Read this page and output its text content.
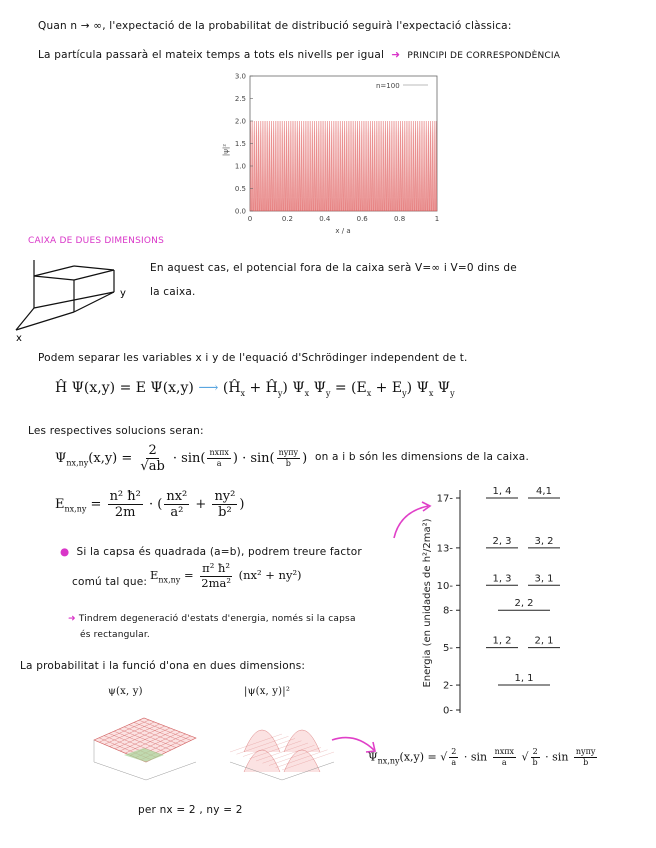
Quan n → ∞, l'expectació de la probabilitat de distribució seguirà l'expectació clàssica:
La partícula passarà el mateix temps a tots els nivells per igual  ➜  PRINCIPI DE CORRESPONDÈNCIA
0.0
0.5
1.0
1.5
2.0
2.5
3.0
0	0.2	0.4	0.6	0.8	1
n=100
|ψ|²
x / a
CAIXA DE DUES DIMENSIONS
y
x
En aquest cas, el potencial fora de la caixa serà V=∞ i V=0 dins de
la caixa.
Podem separar les variables x i y de l'equació d'Schrödinger independent de t.
Ĥ Ψ(x,y) = E Ψ(x,y) ⟶ ($Ĥ_x$ + $Ĥ_y$) $\Psi_x$ $\Psi_y = (E_x + E_y)$ $\Psi_x$ $\Psi_y$
Les respectives solucions seran:
$\Psi_{nx,ny}(x,y) = \frac{2}{√ab} \cdot \sin( \frac{\text{nxπx}}{a}$ ) · $\sin( \frac{\text{nyπy}}{b}$ ) on a i b són les dimensions de la caixa.
$E_{nx,ny} = \frac{\text{n² ħ²}}{2m}$ · ( $\frac{\text{nx²}}{\text{a²}} + \frac{\text{ny²}}{\text{b²}}$ )
●  Si la capsa és quadrada (a=b), podrem treure factor
comú tal que: $E_{nx,ny} = \frac{\text{π² ħ²}}{\text{2ma²}} (nx^2 + ny^2)$
➜ Tindrem degeneració d'estats d'energia, només si la capsa
és rectangular.
0-
2-
5-
8-
10-
13-
17-
1, 1
1, 2 2, 1
2, 2
1, 3 3, 1
2, 3 3, 2
1, 4 4,1
Energia (en unidades de h²/2ma²)
La probabilitat i la funció d'ona en dues dimensions:
ψ(x, y)	|ψ(x, y)|²
$\Psi_{nx,ny}(x,y)$ = √ $\frac{2}{a} \cdot \sin \frac{\text{nxπx}}{a}$ √ $\frac{2}{b} \cdot \sin \frac{\text{nyπy}}{b}$
per nx = 2 , ny = 2
